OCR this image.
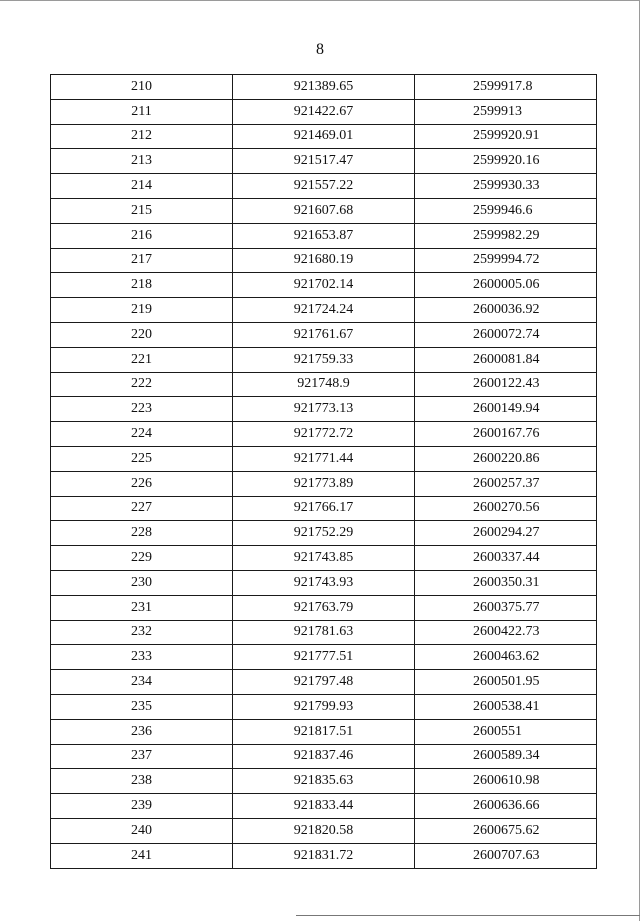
8
210	921389.65	2599917.8
211	921422.67	2599913
212	921469.01	2599920.91
213	921517.47	2599920.16
214	921557.22	2599930.33
215	921607.68	2599946.6
216	921653.87	2599982.29
217	921680.19	2599994.72
218	921702.14	2600005.06
219	921724.24	2600036.92
220	921761.67	2600072.74
221	921759.33	2600081.84
222	921748.9	2600122.43
223	921773.13	2600149.94
224	921772.72	2600167.76
225	921771.44	2600220.86
226	921773.89	2600257.37
227	921766.17	2600270.56
228	921752.29	2600294.27
229	921743.85	2600337.44
230	921743.93	2600350.31
231	921763.79	2600375.77
232	921781.63	2600422.73
233	921777.51	2600463.62
234	921797.48	2600501.95
235	921799.93	2600538.41
236	921817.51	2600551
237	921837.46	2600589.34
238	921835.63	2600610.98
239	921833.44	2600636.66
240	921820.58	2600675.62
241	921831.72	2600707.63
